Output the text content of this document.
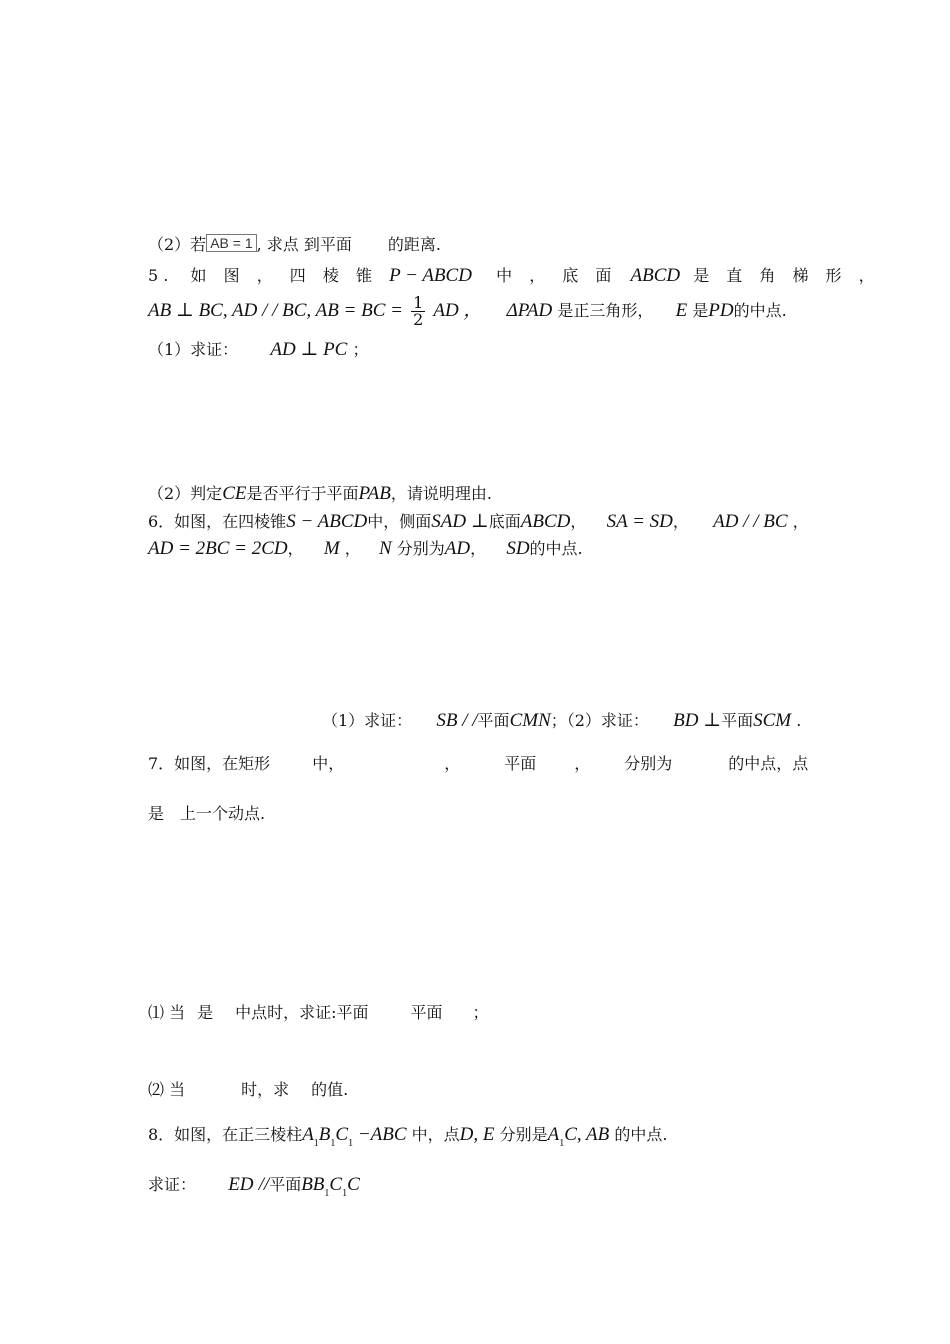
（2）若 AB = 1 , 求点 到平面 的距离.
5 . 如 图 ， 四 棱 锥 P − ABCD 中 ， 底 面 ABCD 是 直 角 梯 形 ，
AB ⊥ BC, AD / / BC, AB = BC = $\frac{1}{2}$ AD ， ΔPAD 是正三角形， E 是PD的中点.
（1）求证： AD ⊥ PC ；
（2）判定CE是否平行于平面PAB，请说明理由.
6．如图，在四棱锥S − ABCD中，侧面SAD ⊥底面ABCD， SA = SD， AD / / BC ，
AD = 2BC = 2CD， M ， N 分别为AD， SD的中点.
（1）求证： SB / /平面CMN；（2）求证： BD ⊥平面SCM .
7．如图，在矩形	中，	，	平面 ， 分别为	的中点，点
是 上一个动点.
⑴ 当 是 中点时，求证:平面	平面 ；
⑵ 当	时，求 的值.
8．如图，在正三棱柱$A_1B_1C_1 -ABC$ 中，点D, E 分别是$A_1C$, AB 的中点.
求证： ED //平面$BB_1C_1C$
